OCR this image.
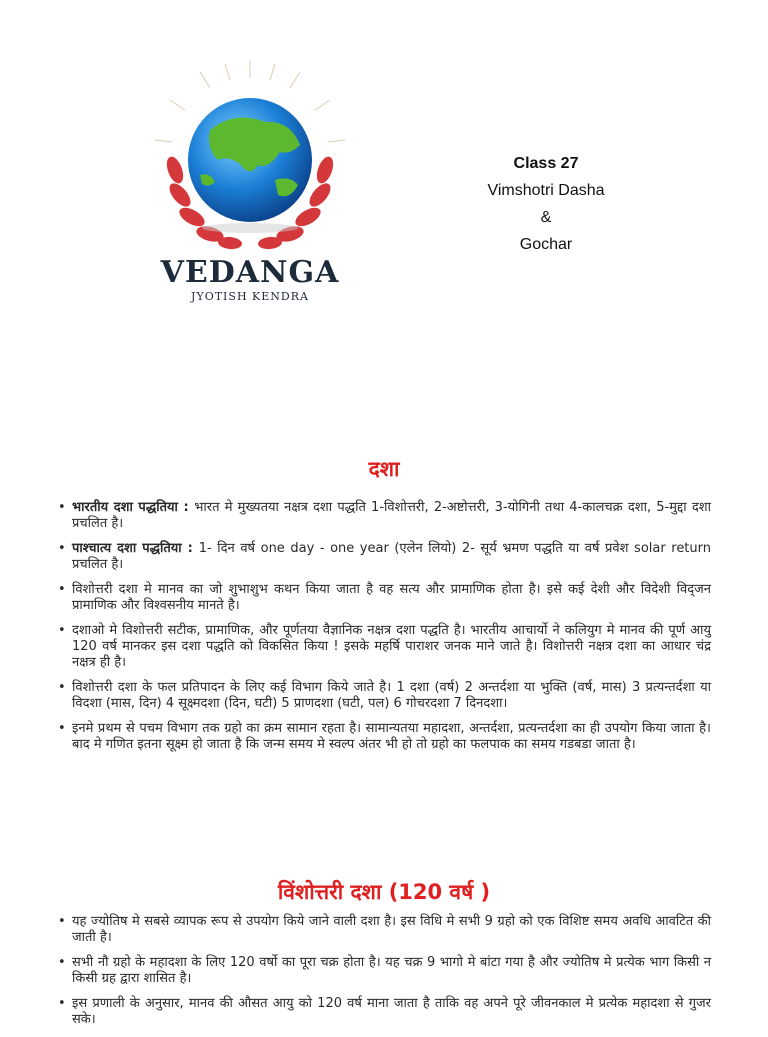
VEDANGA
JYOTISH KENDRA
Class 27
Vimshotri Dasha
&
Gochar
दशा
• भारतीय दशा पद्धतिया : भारत मे मुख्यतया नक्षत्र दशा पद्धति 1-विशोत्तरी, 2-अष्टोत्तरी, 3-योगिनी तथा 4-कालचक्र दशा, 5-मुद्दा दशा प्रचलित है।
• पाश्चात्य दशा पद्धतिया : 1- दिन वर्ष one day - one year (एलेन लियो) 2- सूर्य भ्रमण पद्धति या वर्ष प्रवेश solar return प्रचलित है।
• विशोत्तरी दशा मे मानव का जो शुभाशुभ कथन किया जाता है वह सत्य और प्रामाणिक होता है। इसे कई देशी और विदेशी विद्जन प्रामाणिक और विश्वसनीय मानते है।
• दशाओ मे विशोत्तरी सटीक, प्रामाणिक, और पूर्णतया वैज्ञानिक नक्षत्र दशा पद्धति है। भारतीय आचार्यो ने कलियुग मे मानव की पूर्ण आयु 120 वर्ष मानकर इस दशा पद्धति को विकसित किया ! इसके महर्षि पाराशर जनक माने जाते है। विशोत्तरी नक्षत्र दशा का आधार चंद्र नक्षत्र ही है।
• विशोत्तरी दशा के फल प्रतिपादन के लिए कई विभाग किये जाते है। 1 दशा (वर्ष) 2 अन्तर्दशा या भुक्ति (वर्ष, मास) 3 प्रत्यन्तर्दशा या विदशा (मास, दिन) 4 सूक्ष्मदशा (दिन, घटी) 5 प्राणदशा (घटी, पल) 6 गोचरदशा 7 दिनदशा।
• इनमे प्रथम से पचम विभाग तक ग्रहो का क्रम सामान रहता है। सामान्यतया महादशा, अन्तर्दशा, प्रत्यन्तर्दशा का ही उपयोग किया जाता है। बाद मे गणित इतना सूक्ष्म हो जाता है कि जन्म समय मे स्वल्प अंतर भी हो तो ग्रहो का फलपाक का समय गडबडा जाता है।
विंशोत्तरी दशा (120 वर्ष )
• यह ज्योतिष मे सबसे व्यापक रूप से उपयोग किये जाने वाली दशा है। इस विधि मे सभी 9 ग्रहो को एक विशिष्ट समय अवधि आवटित की जाती है।
• सभी नौ ग्रहो के महादशा के लिए 120 वर्षो का पूरा चक्र होता है। यह चक्र 9 भागो मे बांटा गया है और ज्योतिष मे प्रत्येक भाग किसी न किसी ग्रह द्वारा शासित है।
• इस प्रणाली के अनुसार, मानव की औसत आयु को 120 वर्ष माना जाता है ताकि वह अपने पूरे जीवनकाल मे प्रत्येक महादशा से गुजर सके।
